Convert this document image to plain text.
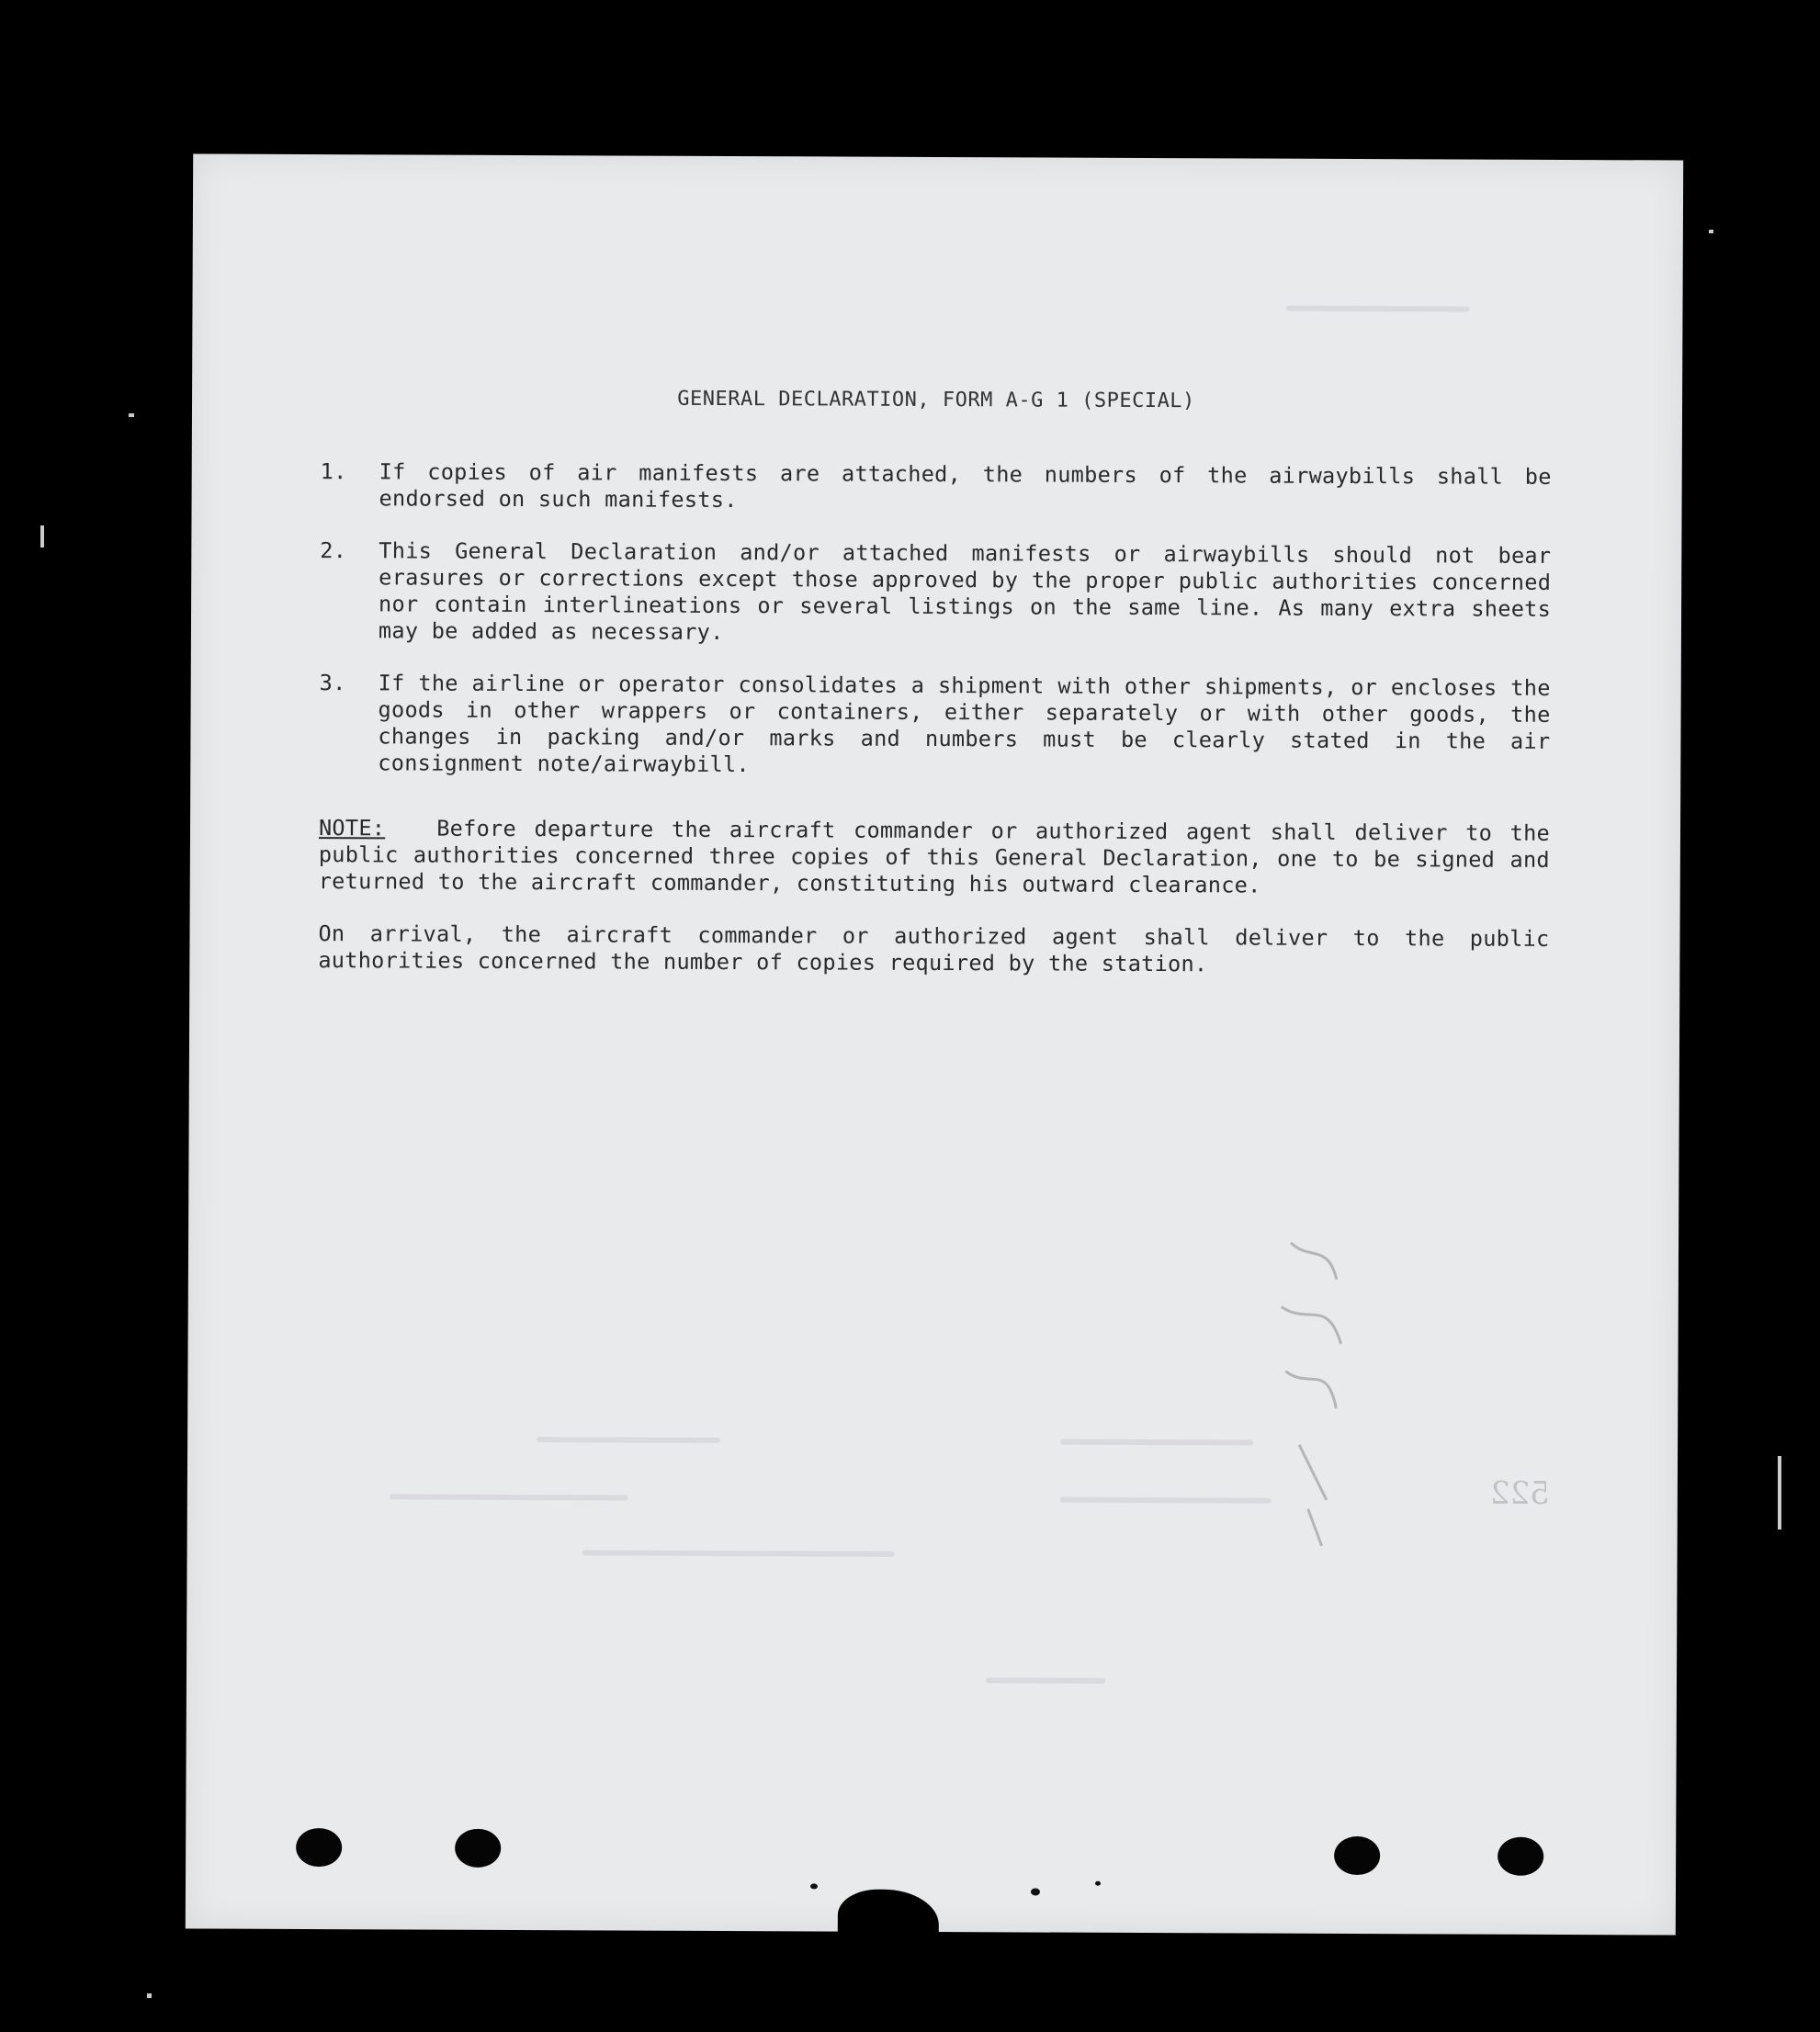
522
GENERAL DECLARATION, FORM A-G 1 (SPECIAL)
1.	If copies of air manifests are attached, the numbers of the airwaybills shall be endorsed on such manifests.
2.	This General Declaration and/or attached manifests or airwaybills should not bear erasures or corrections except those approved by the proper public authorities concerned nor contain interlineations or several listings on the same line. As many extra sheets may be added as necessary.
3.	If the airline or operator consolidates a shipment with other shipments, or encloses the goods in other wrappers or containers, either separately or with other goods, the changes in packing and/or marks and numbers must be clearly stated in the air consignment note/airwaybill.
NOTE: Before departure the aircraft commander or authorized agent shall deliver to the public authorities concerned three copies of this General Declaration, one to be signed and returned to the aircraft commander, constituting his outward clearance.
On arrival, the aircraft commander or authorized agent shall deliver to the public authorities concerned the number of copies required by the station.
